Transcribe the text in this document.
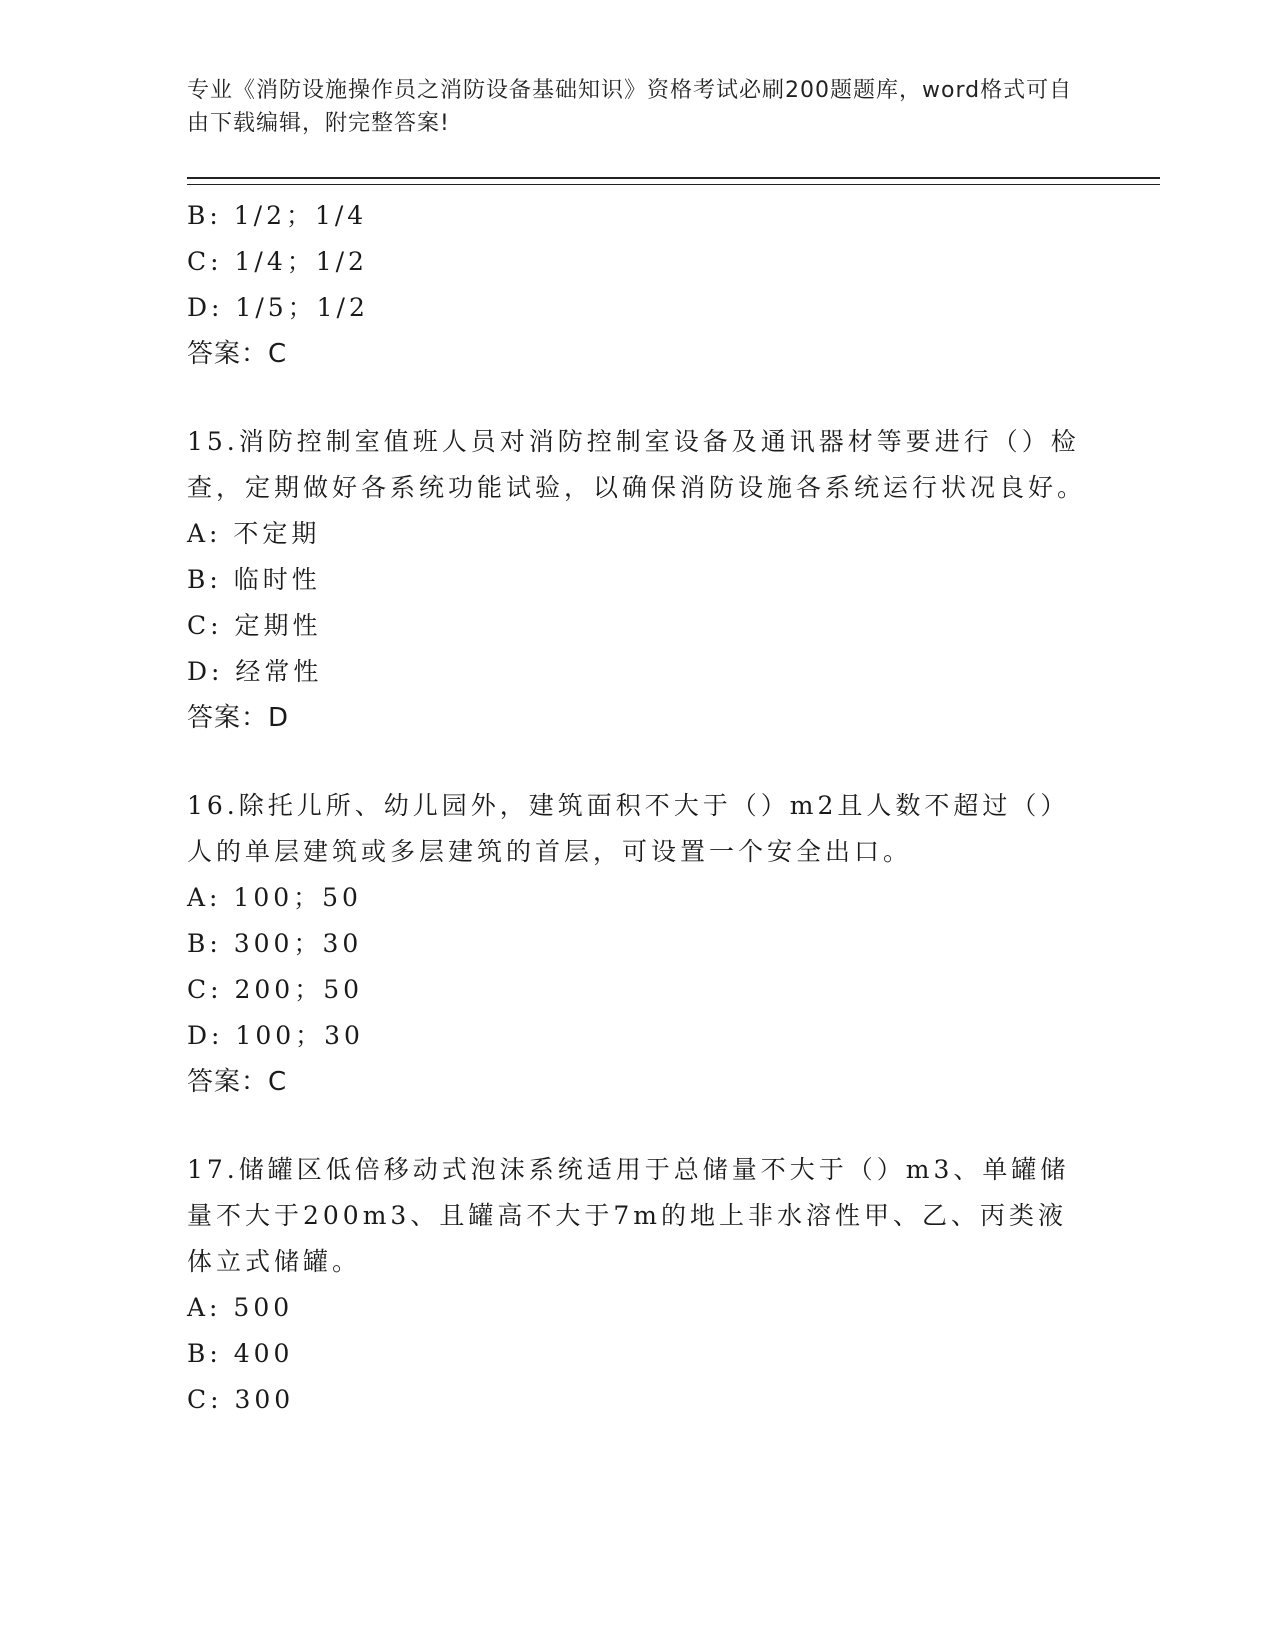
专业《消防设施操作员之消防设备基础知识》资格考试必刷200题题库，word格式可自由下载编辑，附完整答案!
B: 1/2；1/4
C: 1/4；1/2
D: 1/5；1/2
答案：C
15.消防控制室值班人员对消防控制室设备及通讯器材等要进行（）检查，定期做好各系统功能试验，以确保消防设施各系统运行状况良好。
A: 不定期
B: 临时性
C: 定期性
D: 经常性
答案：D
16.除托儿所、幼儿园外，建筑面积不大于（）m2且人数不超过（）人的单层建筑或多层建筑的首层，可设置一个安全出口。
A: 100；50
B: 300；30
C: 200；50
D: 100；30
答案：C
17.储罐区低倍移动式泡沫系统适用于总储量不大于（）m3、单罐储量不大于200m3、且罐高不大于7m的地上非水溶性甲、乙、丙类液体立式储罐。
A: 500
B: 400
C: 300
